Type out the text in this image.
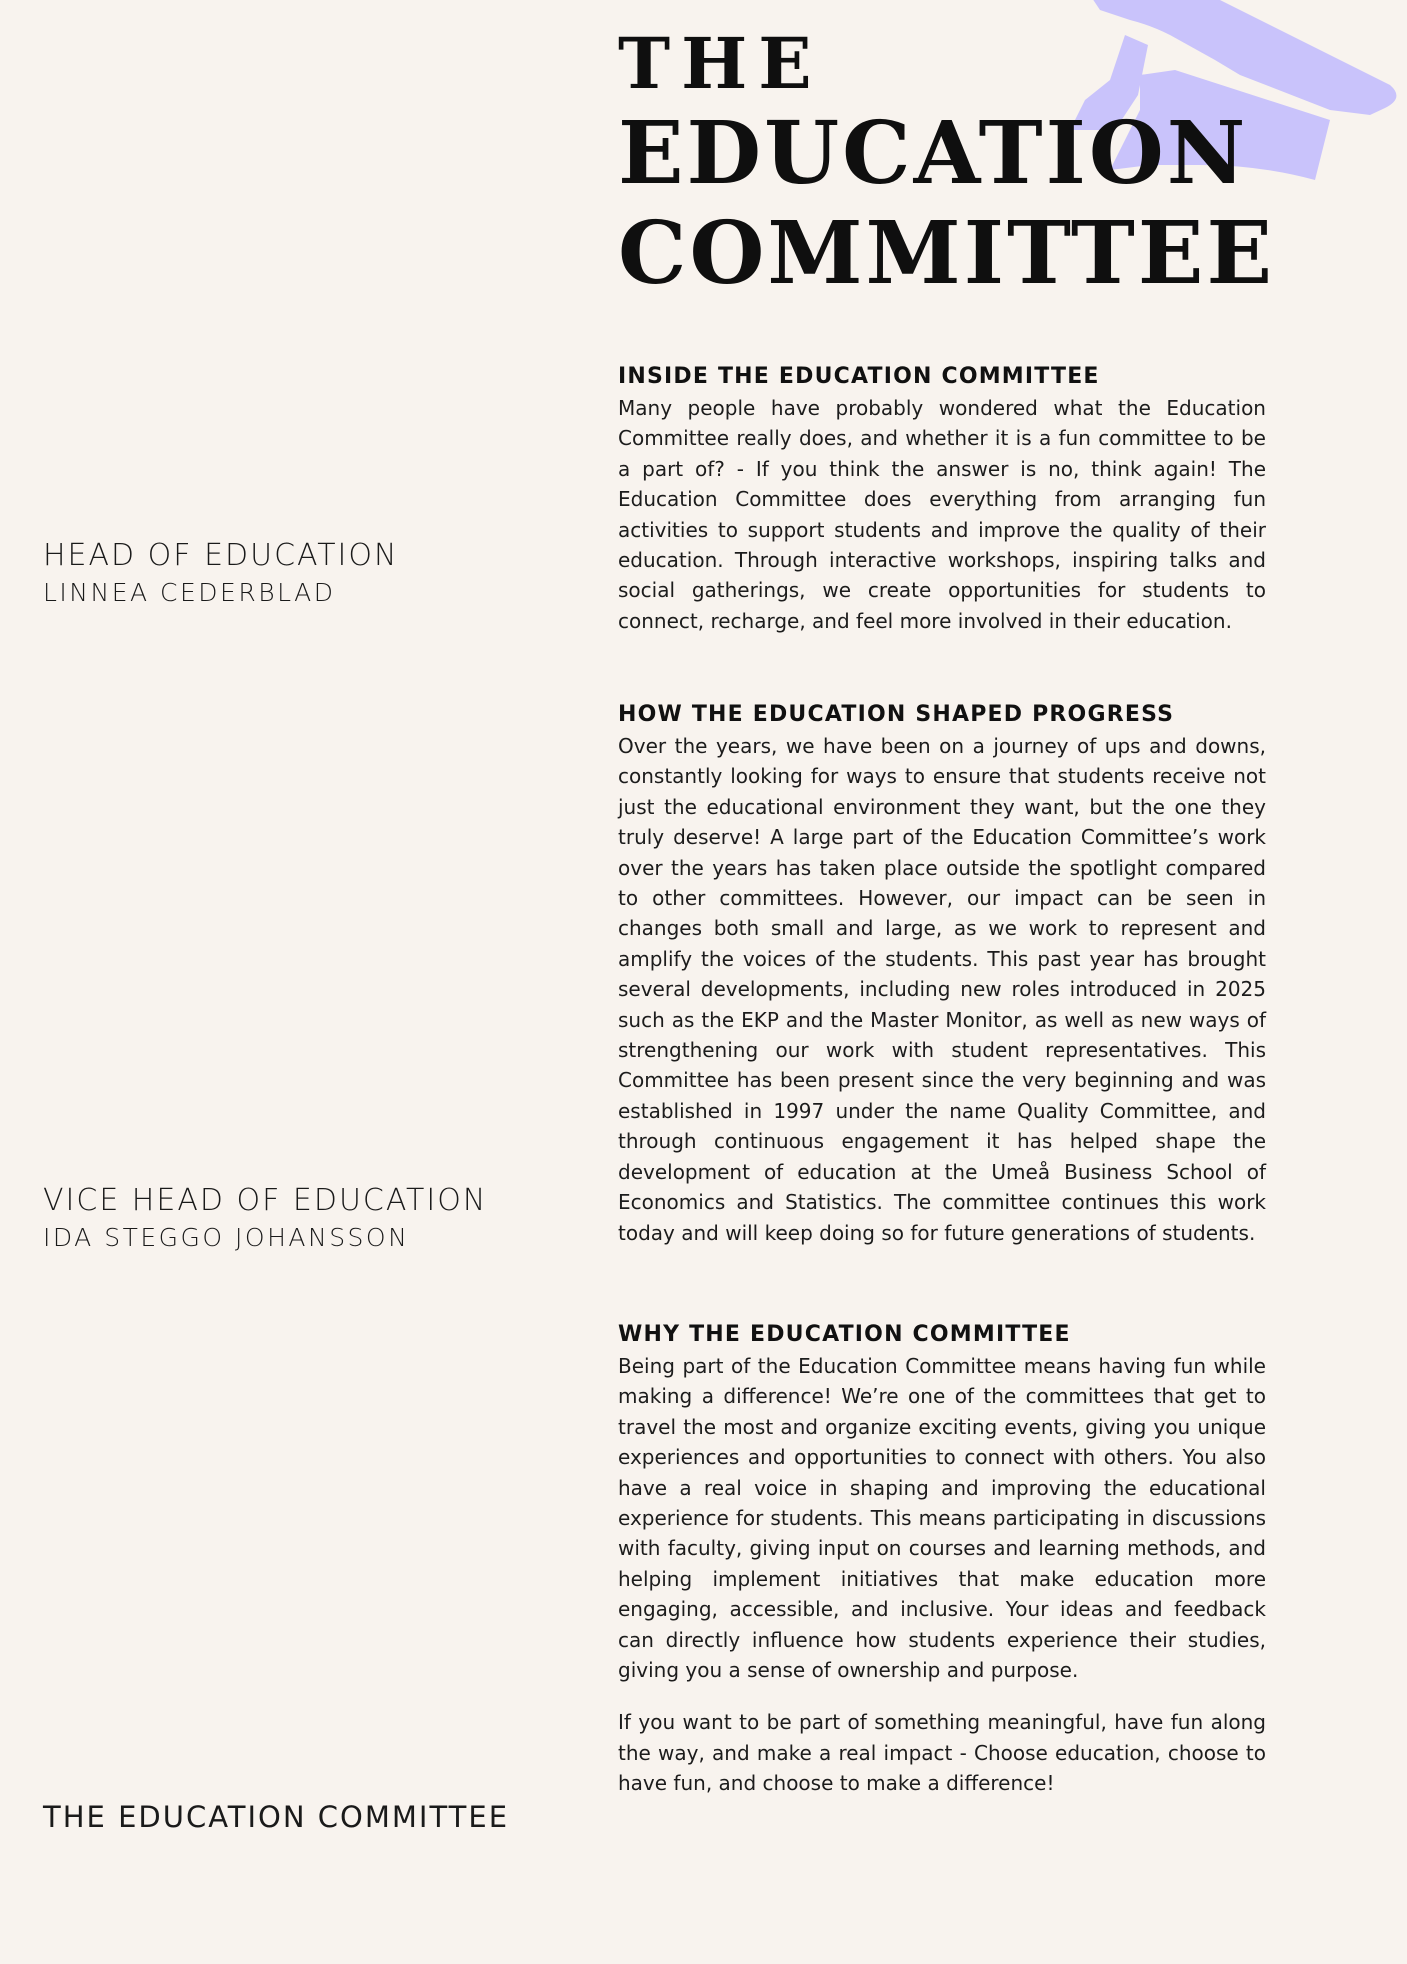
THE
EDUCATION
COMMITTEE
HEAD OF EDUCATION
LINNEA CEDERBLAD
VICE HEAD OF EDUCATION
IDA STEGGO JOHANSSON

THE EDUCATION COMMITTEE

INSIDE THE EDUCATION COMMITTEE

Many people have probably wondered what the Education Committee really does, and whether it is a fun committee to be a part of? - If you think the answer is no, think again! The Education Committee does everything from arranging fun activities to support students and improve the quality of their education. Through interactive workshops, inspiring talks and social gatherings, we create opportunities for students to connect, recharge, and feel more involved in their education.

HOW THE EDUCATION SHAPED PROGRESS

Over the years, we have been on a journey of ups and downs, constantly looking for ways to ensure that students receive not just the educational environment they want, but the one they truly deserve! A large part of the Education Committee’s work over the years has taken place outside the spotlight compared to other committees. However, our impact can be seen in changes both small and large, as we work to represent and amplify the voices of the students. This past year has brought several developments, including new roles introduced in 2025 such as the EKP and the Master Monitor, as well as new ways of strengthening our work with student representatives. This Committee has been present since the very beginning and was established in 1997 under the name Quality Committee, and through continuous engagement it has helped shape the development of education at the Umeå Business School of Economics and Statistics. The committee continues this work today and will keep doing so for future generations of students.

WHY THE EDUCATION COMMITTEE

Being part of the Education Committee means having fun while making a difference! We’re one of the committees that get to travel the most and organize exciting events, giving you unique experiences and opportunities to connect with others. You also have a real voice in shaping and improving the educational experience for students. This means participating in discussions with faculty, giving input on courses and learning methods, and helping implement initiatives that make education more engaging, accessible, and inclusive. Your ideas and feedback can directly influence how students experience their studies, giving you a sense of ownership and purpose.

If you want to be part of something meaningful, have fun along the way, and make a real impact - Choose education, choose to have fun, and choose to make a difference!
